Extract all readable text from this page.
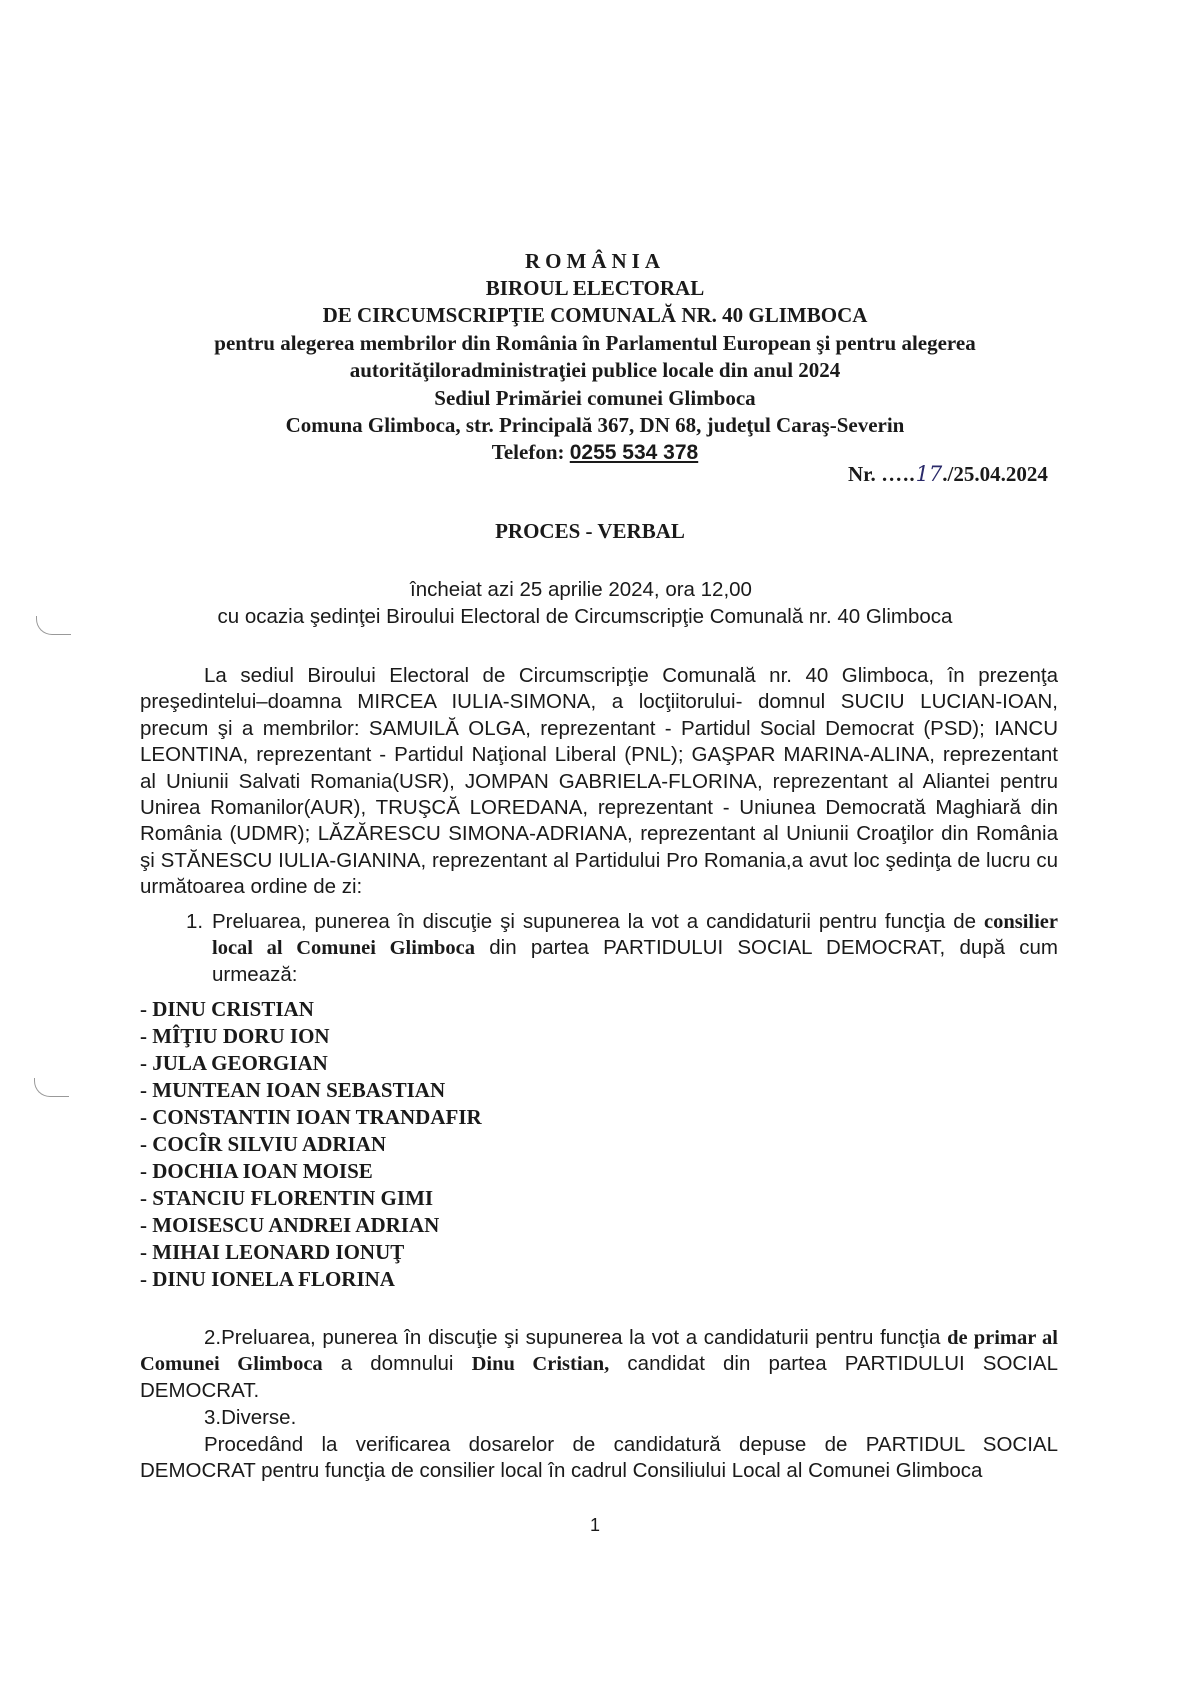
ROMÂNIA
BIROUL ELECTORAL
DE CIRCUMSCRIPŢIE COMUNALĂ NR. 40 GLIMBOCA
pentru alegerea membrilor din România în Parlamentul European şi pentru alegerea
autorităţiloradministraţiei publice locale din anul 2024
Sediul Primăriei comunei Glimboca
Comuna Glimboca, str. Principală 367, DN 68, judeţul Caraş-Severin
Telefon: 0255 534 378
Nr. …..17./25.04.2024
PROCES - VERBAL
încheiat azi 25 aprilie 2024, ora 12,00
cu ocazia şedinţei Biroului Electoral de Circumscripţie Comunală nr. 40 Glimboca

La sediul Biroului Electoral de Circumscripţie Comunală nr. 40 Glimboca, în prezenţa preşedintelui–doamna MIRCEA IULIA-SIMONA, a locţiitorului- domnul SUCIU LUCIAN-IOAN, precum şi a membrilor: SAMUILĂ OLGA, reprezentant - Partidul Social Democrat (PSD); IANCU LEONTINA, reprezentant - Partidul Naţional Liberal (PNL); GAŞPAR MARINA-ALINA, reprezentant al Uniunii Salvati Romania(USR), JOMPAN GABRIELA-FLORINA, reprezentant al Aliantei pentru Unirea Romanilor(AUR), TRUŞCĂ LOREDANA, reprezentant - Uniunea Democrată Maghiară din România (UDMR); LĂZĂRESCU SIMONA-ADRIANA, reprezentant al Uniunii Croaţilor din România şi STĂNESCU IULIA-GIANINA, reprezentant al Partidului Pro Romania,a avut loc şedinţa de lucru cu următoarea ordine de zi:

1. Preluarea, punerea în discuţie şi supunerea la vot a candidaturii pentru funcţia de consilier local al Comunei Glimboca din partea PARTIDULUI SOCIAL DEMOCRAT, după cum urmează:

- DINU CRISTIAN

- MÎŢIU DORU ION

- JULA GEORGIAN

- MUNTEAN IOAN SEBASTIAN

- CONSTANTIN IOAN TRANDAFIR

- COCÎR SILVIU ADRIAN

- DOCHIA IOAN MOISE

- STANCIU FLORENTIN GIMI

- MOISESCU ANDREI ADRIAN

- MIHAI LEONARD IONUŢ

- DINU IONELA FLORINA

2.Preluarea, punerea în discuţie şi supunerea la vot a candidaturii pentru funcţia de primar al Comunei Glimboca a domnului Dinu Cristian, candidat din partea PARTIDULUI SOCIAL DEMOCRAT.

3.Diverse.

Procedând la verificarea dosarelor de candidatură depuse de PARTIDUL SOCIAL DEMOCRAT pentru funcţia de consilier local în cadrul Consiliului Local al Comunei Glimboca

1
